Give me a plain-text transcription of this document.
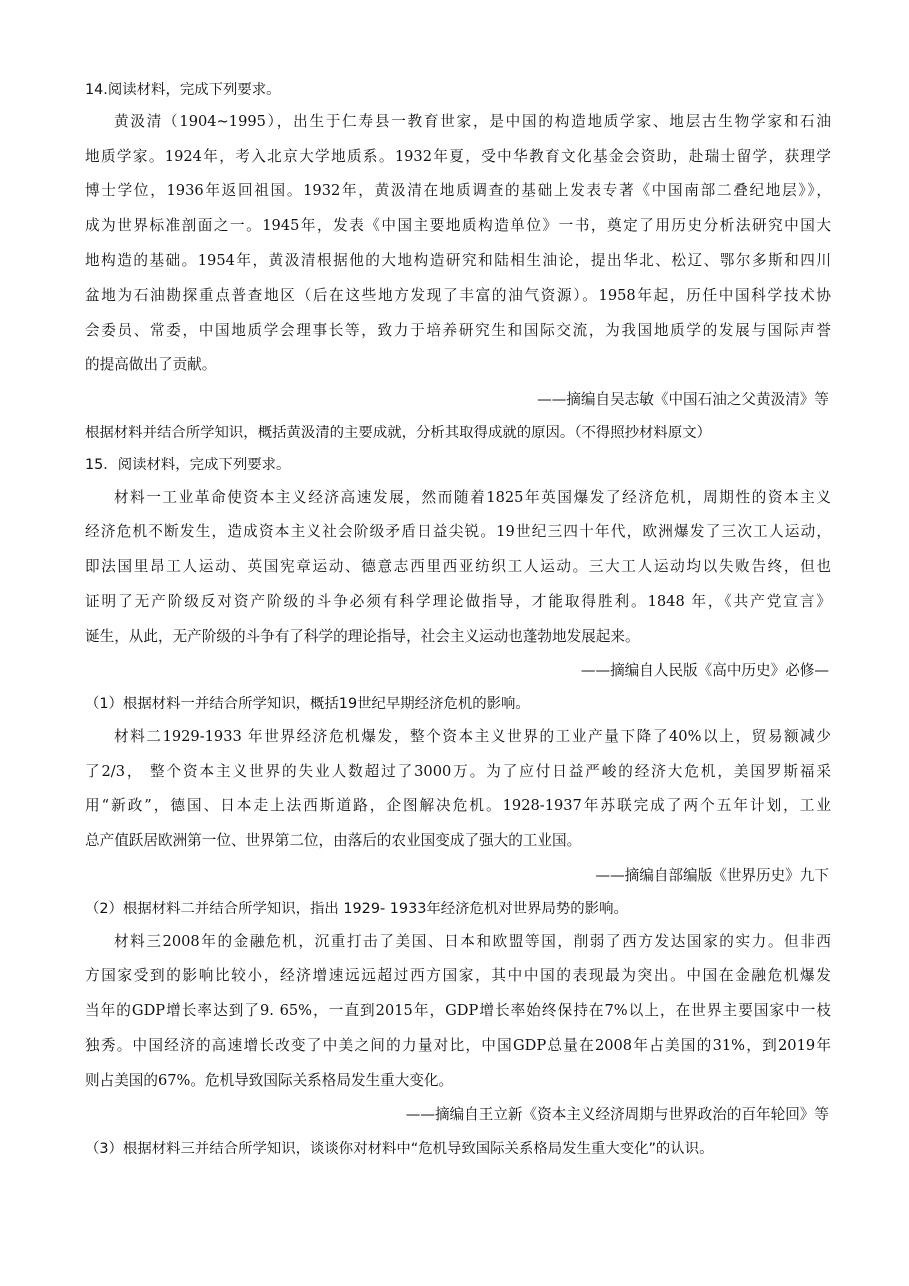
14.阅读材料，完成下列要求。
黄汲清（1904~1995），出生于仁寿县一教育世家，是中国的构造地质学家、地层古生物学家和石油
地质学家。1924年，考入北京大学地质系。1932年夏，受中华教育文化基金会资助，赴瑞士留学，获理学
博士学位，1936年返回祖国。1932年，黄汲清在地质调查的基础上发表专著《中国南部二叠纪地层》》，
成为世界标准剖面之一。1945年，发表《中国主要地质构造单位》一书，奠定了用历史分析法研究中国大
地构造的基础。1954年，黄汲清根据他的大地构造研究和陆相生油论，提出华北、松辽、鄂尔多斯和四川
盆地为石油勘探重点普查地区（后在这些地方发现了丰富的油气资源）。1958年起，历任中国科学技术协
会委员、常委，中国地质学会理事长等，致力于培养研究生和国际交流，为我国地质学的发展与国际声誉
的提高做出了贡献。
——摘编自吴志敏《中国石油之父黄汲清》等
根据材料并结合所学知识，概括黄汲清的主要成就，分析其取得成就的原因。（不得照抄材料原文）
15．阅读材料，完成下列要求。
材料一工业革命使资本主义经济高速发展，然而随着1825年英国爆发了经济危机，周期性的资本主义
经济危机不断发生，造成资本主义社会阶级矛盾日益尖锐。19世纪三四十年代，欧洲爆发了三次工人运动，
即法国里昂工人运动、英国宪章运动、德意志西里西亚纺织工人运动。三大工人运动均以失败告终，但也
证明了无产阶级反对资产阶级的斗争必须有科学理论做指导，才能取得胜利。1848 年，《共产党宣言》
诞生，从此，无产阶级的斗争有了科学的理论指导，社会主义运动也蓬勃地发展起来。
——摘编自人民版《高中历史》必修—
（1）根据材料一并结合所学知识，概括19世纪早期经济危机的影响。
材料二1929-1933 年世界经济危机爆发，整个资本主义世界的工业产量下降了40%以上，贸易额减少
了2/3， 整个资本主义世界的失业人数超过了3000万。为了应付日益严峻的经济大危机，美国罗斯福采
用“新政”，德国、日本走上法西斯道路，企图解决危机。1928-1937年苏联完成了两个五年计划，工业
总产值跃居欧洲第一位、世界第二位，由落后的农业国变成了强大的工业国。
——摘编自部编版《世界历史》九下
（2）根据材料二并结合所学知识，指出 1929- 1933年经济危机对世界局势的影响。
材料三2008年的金融危机，沉重打击了美国、日本和欧盟等国，削弱了西方发达国家的实力。但非西
方国家受到的影响比较小，经济增速远远超过西方国家，其中中国的表现最为突出。中国在金融危机爆发
当年的GDP增长率达到了9. 65%，一直到2015年，GDP增长率始终保持在7%以上，在世界主要国家中一枝
独秀。中国经济的高速增长改变了中美之间的力量对比，中国GDP总量在2008年占美国的31%，到2019年
则占美国的67%。危机导致国际关系格局发生重大变化。
——摘编自王立新《资本主义经济周期与世界政治的百年轮回》等
（3）根据材料三并结合所学知识，谈谈你对材料中“危机导致国际关系格局发生重大变化”的认识。
